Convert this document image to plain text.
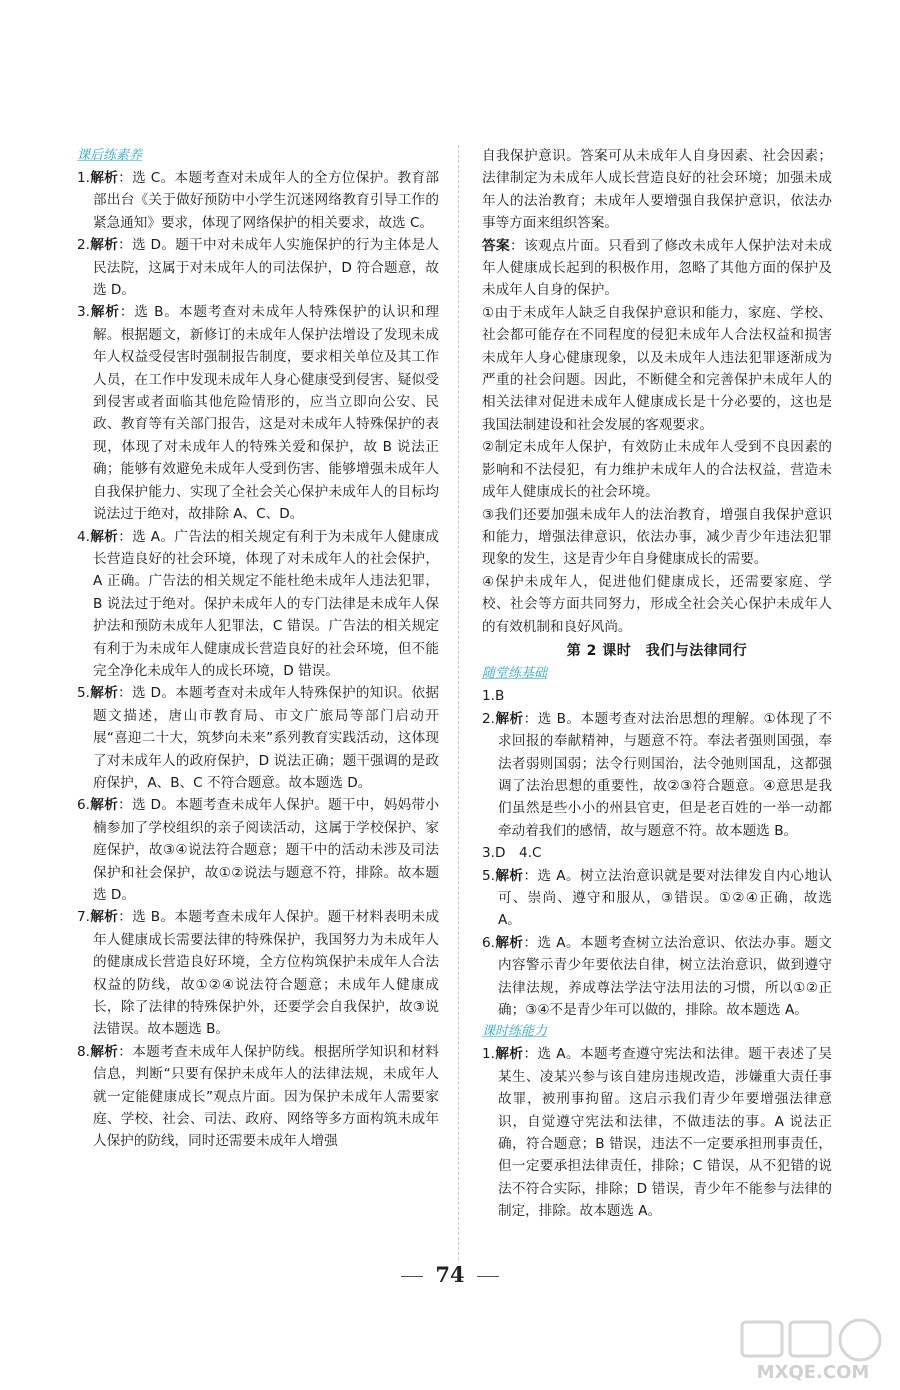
课后练素养

1.解析：选 C。本题考查对未成年人的全方位保护。教育部部出台《关于做好预防中小学生沉迷网络教育引导工作的紧急通知》要求，体现了网络保护的相关要求，故选 C。

2.解析：选 D。题干中对未成年人实施保护的行为主体是人民法院，这属于对未成年人的司法保护，D 符合题意，故选 D。

3.解析：选 B。本题考查对未成年人特殊保护的认识和理解。根据题文，新修订的未成年人保护法增设了发现未成年人权益受侵害时强制报告制度，要求相关单位及其工作人员，在工作中发现未成年人身心健康受到侵害、疑似受到侵害或者面临其他危险情形的，应当立即向公安、民政、教育等有关部门报告，这是对未成年人特殊保护的表现，体现了对未成年人的特殊关爱和保护，故 B 说法正确；能够有效避免未成年人受到伤害、能够增强未成年人自我保护能力、实现了全社会关心保护未成年人的目标均说法过于绝对，故排除 A、C、D。

4.解析：选 A。广告法的相关规定有利于为未成年人健康成长营造良好的社会环境，体现了对未成年人的社会保护，A 正确。广告法的相关规定不能杜绝未成年人违法犯罪，B 说法过于绝对。保护未成年人的专门法律是未成年人保护法和预防未成年人犯罪法，C 错误。广告法的相关规定有利于为未成年人健康成长营造良好的社会环境，但不能完全净化未成年人的成长环境，D 错误。

5.解析：选 D。本题考查对未成年人特殊保护的知识。依据题文描述，唐山市教育局、市文广旅局等部门启动开展“喜迎二十大，筑梦向未来”系列教育实践活动，这体现了对未成年人的政府保护，D 说法正确；题干强调的是政府保护，A、B、C 不符合题意。故本题选 D。

6.解析：选 D。本题考查未成年人保护。题干中，妈妈带小楠参加了学校组织的亲子阅读活动，这属于学校保护、家庭保护，故③④说法符合题意；题干中的活动未涉及司法保护和社会保护，故①②说法与题意不符，排除。故本题选 D。

7.解析：选 B。本题考查未成年人保护。题干材料表明未成年人健康成长需要法律的特殊保护，我国努力为未成年人的健康成长营造良好环境，全方位构筑保护未成年人合法权益的防线，故①②④说法符合题意；未成年人健康成长，除了法律的特殊保护外，还要学会自我保护，故③说法错误。故本题选 B。

8.解析：本题考查未成年人保护防线。根据所学知识和材料信息，判断“只要有保护未成年人的法律法规，未成年人就一定能健康成长”观点片面。因为保护未成年人需要家庭、学校、社会、司法、政府、网络等多方面构筑未成年人保护的防线，同时还需要未成年人增强

自我保护意识。答案可从未成年人自身因素、社会因素；法律制定为未成年人成长营造良好的社会环境；加强未成年人的法治教育；未成年人要增强自我保护意识，依法办事等方面来组织答案。

答案：该观点片面。只看到了修改未成年人保护法对未成年人健康成长起到的积极作用，忽略了其他方面的保护及未成年人自身的保护。

①由于未成年人缺乏自我保护意识和能力，家庭、学校、社会都可能存在不同程度的侵犯未成年人合法权益和损害未成年人身心健康现象，以及未成年人违法犯罪逐渐成为严重的社会问题。因此，不断健全和完善保护未成年人的相关法律对促进未成年人健康成长是十分必要的，这也是我国法制建设和社会发展的客观要求。

②制定未成年人保护，有效防止未成年人受到不良因素的影响和不法侵犯，有力维护未成年人的合法权益，营造未成年人健康成长的社会环境。

③我们还要加强未成年人的法治教育，增强自我保护意识和能力，增强法律意识，依法办事，减少青少年违法犯罪现象的发生，这是青少年自身健康成长的需要。

④保护未成年人，促进他们健康成长，还需要家庭、学校、社会等方面共同努力，形成全社会关心保护未成年人的有效机制和良好风尚。

第 2 课时　我们与法律同行
随堂练基础

1.B

2.解析：选 B。本题考查对法治思想的理解。①体现了不求回报的奉献精神，与题意不符。奉法者强则国强，奉法者弱则国弱；法令行则国治，法令弛则国乱，这都强调了法治思想的重要性，故②③符合题意。④意思是我们虽然是些小小的州县官吏，但是老百姓的一举一动都牵动着我们的感情，故与题意不符。故本题选 B。

3.D　4.C

5.解析：选 A。树立法治意识就是要对法律发自内心地认可、崇尚、遵守和服从，③错误。①②④正确，故选 A。

6.解析：选 A。本题考查树立法治意识、依法办事。题文内容警示青少年要依法自律，树立法治意识，做到遵守法律法规，养成尊法学法守法用法的习惯，所以①②正确；③④不是青少年可以做的，排除。故本题选 A。

课时练能力

1.解析：选 A。本题考查遵守宪法和法律。题干表述了吴某生、凌某兴参与该自建房违规改造，涉嫌重大责任事故罪，被刑事拘留。这启示我们青少年要增强法律意识，自觉遵守宪法和法律，不做违法的事。A 说法正确，符合题意；B 错误，违法不一定要承担刑事责任，但一定要承担法律责任，排除；C 错误，从不犯错的说法不符合实际，排除；D 错误，青少年不能参与法律的制定，排除。故本题选 A。

74
MXQE.COM
